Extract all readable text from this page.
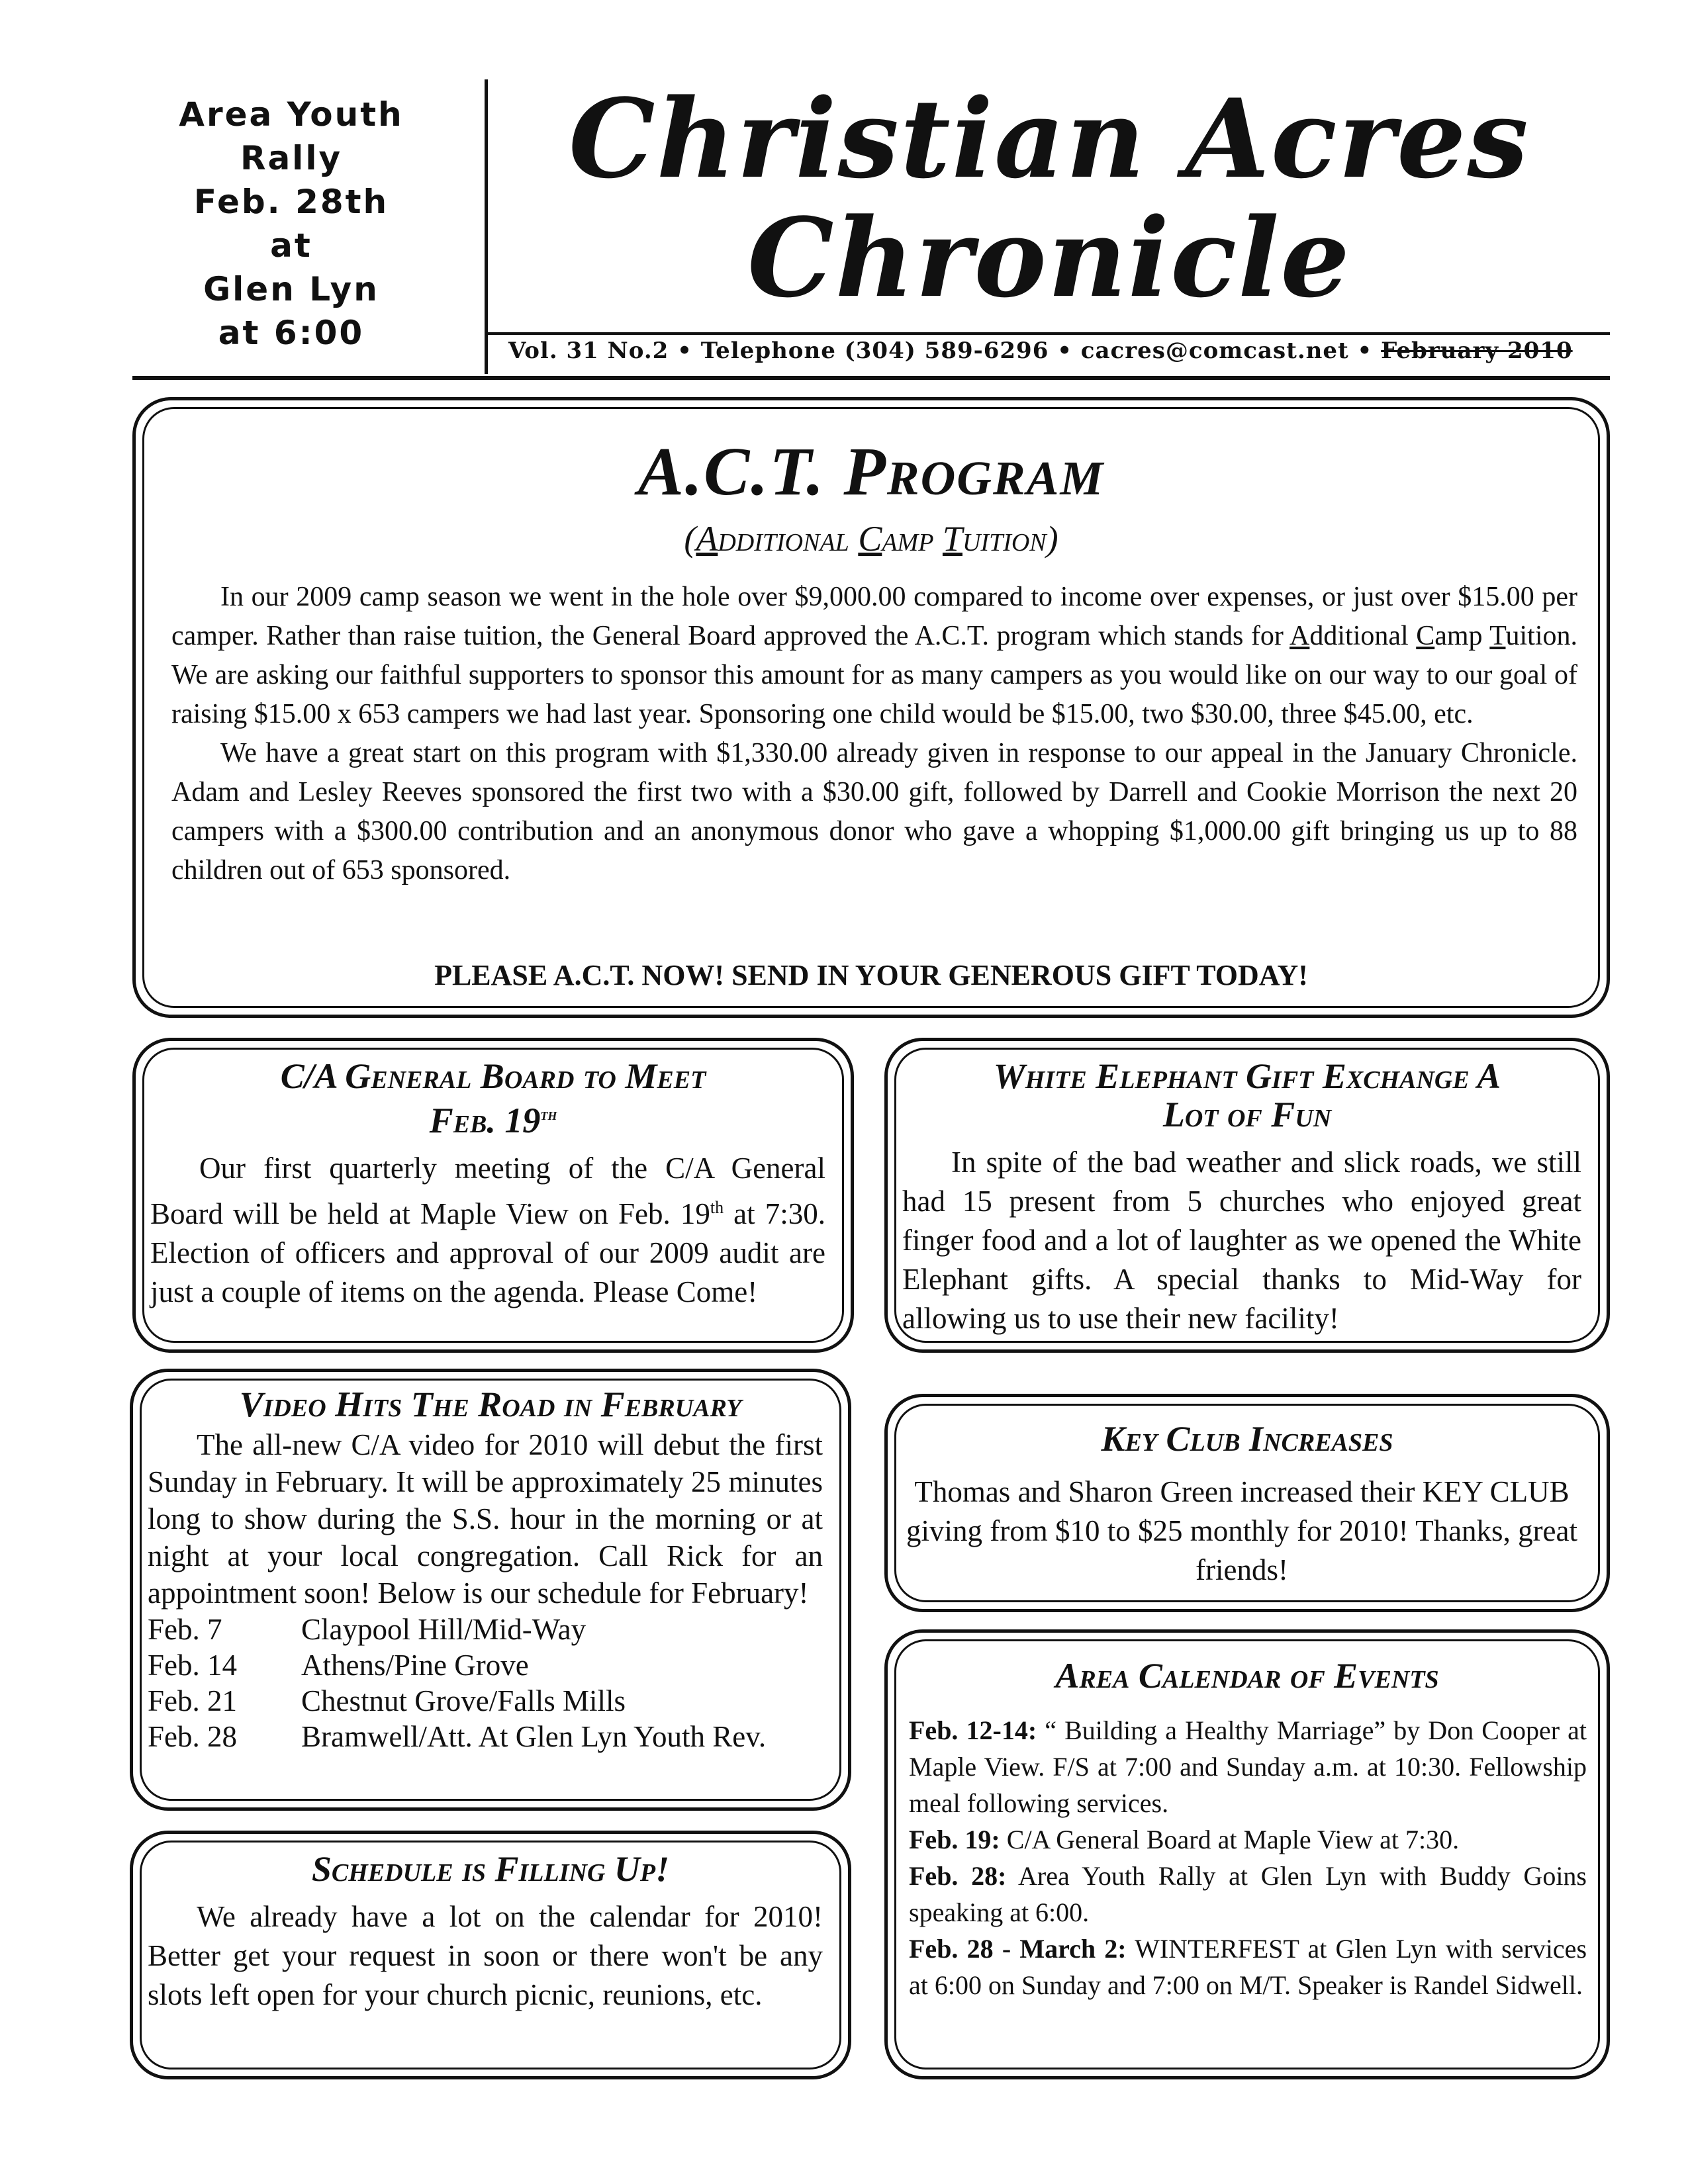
Area Youth
Rally
Feb. 28th
at
Glen Lyn
at 6:00
Christian Acres
Chronicle
Vol. 31 No.2 • Telephone (304) 589-6296 • cacres@comcast.net • February 2010
A.C.T. Program
(Additional Camp Tuition)

In our 2009 camp season we went in the hole over $9,000.00 compared to income over expenses, or just over $15.00 per camper. Rather than raise tuition, the General Board approved the A.C.T. program which stands for Additional Camp Tuition. We are asking our faithful supporters to sponsor this amount for as many campers as you would like on our way to our goal of raising $15.00 x 653 campers we had last year. Sponsoring one child would be $15.00, two $30.00, three $45.00, etc.

We have a great start on this program with $1,330.00 already given in response to our appeal in the January Chronicle. Adam and Lesley Reeves sponsored the first two with a $30.00 gift, followed by Darrell and Cookie Morrison the next 20 campers with a $300.00 contribution and an anonymous donor who gave a whopping $1,000.00 gift bringing us up to 88 children out of 653 sponsored.

PLEASE A.C.T. NOW! SEND IN YOUR GENEROUS GIFT TODAY!
C/A General Board to Meet
Feb. 19th

Our first quarterly meeting of the C/A General Board will be held at Maple View on Feb. 19th at 7:30. Election of officers and approval of our 2009 audit are just a couple of items on the agenda. Please Come!

Video Hits The Road in February

The all-new C/A video for 2010 will debut the first Sunday in February. It will be approximately 25 minutes long to show during the S.S. hour in the morning or at night at your local congregation. Call Rick for an appointment soon! Below is our schedule for February!

Feb. 7	Claypool Hill/Mid-Way
Feb. 14	Athens/Pine Grove
Feb. 21	Chestnut Grove/Falls Mills
Feb. 28	Bramwell/Att. At Glen Lyn Youth Rev.
Schedule is Filling Up!

We already have a lot on the calendar for 2010! Better get your request in soon or there won't be any slots left open for your church picnic, reunions, etc.

White Elephant Gift Exchange A
Lot of Fun

In spite of the bad weather and slick roads, we still had 15 present from 5 churches who enjoyed great finger food and a lot of laughter as we opened the White Elephant gifts. A special thanks to Mid-Way for allowing us to use their new facility!

Key Club Increases

Thomas and Sharon Green increased their KEY CLUB giving from $10 to $25 monthly for 2010! Thanks, great friends!

Area Calendar of Events

Feb. 12-14: “ Building a Healthy Marriage” by Don Cooper at Maple View. F/S at 7:00 and Sunday a.m. at 10:30. Fellowship meal following services.

Feb. 19: C/A General Board at Maple View at 7:30.

Feb. 28: Area Youth Rally at Glen Lyn with Buddy Goins speaking at 6:00.

Feb. 28 - March 2: WINTERFEST at Glen Lyn with services at 6:00 on Sunday and 7:00 on M/T. Speaker is Randel Sidwell.
